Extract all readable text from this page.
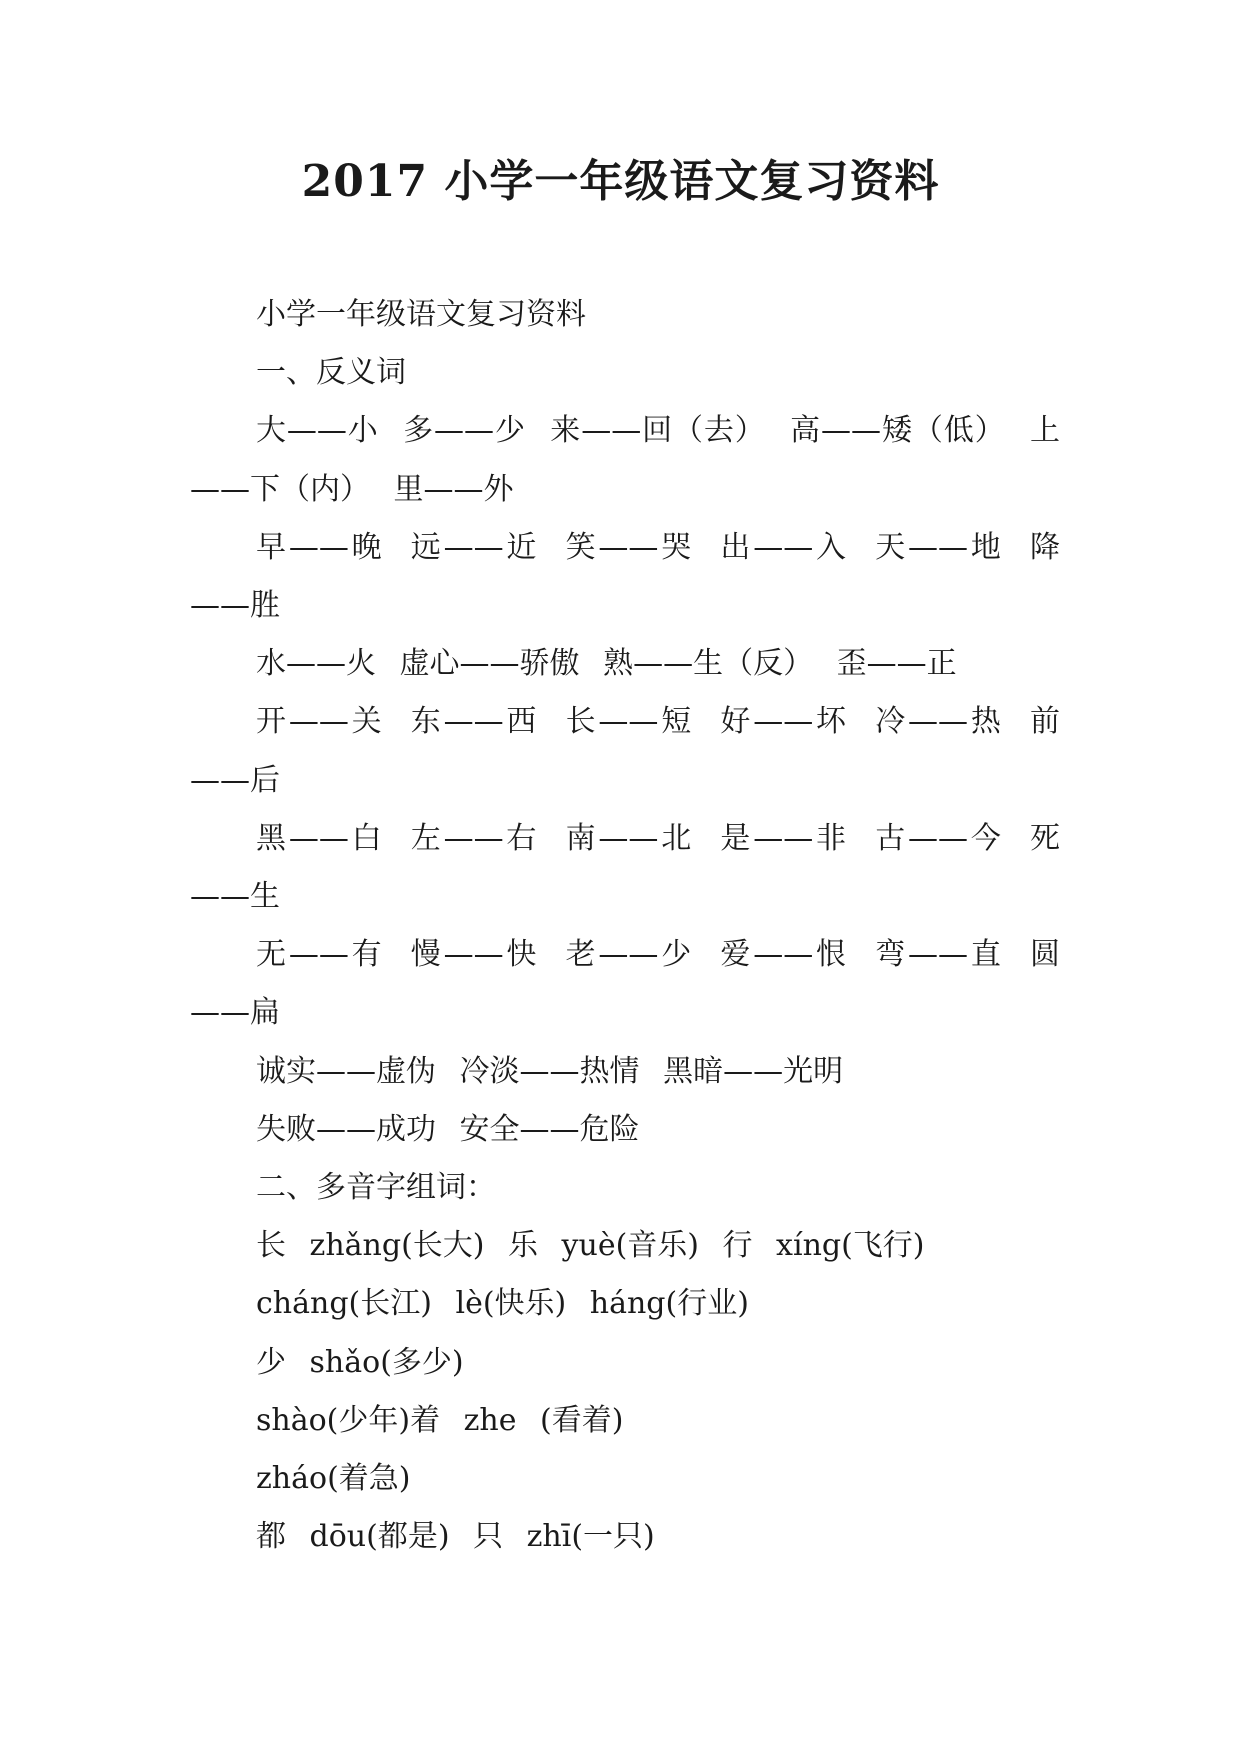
2017 小学一年级语文复习资料

小学一年级语文复习资料

一、反义词

大——小 多——少 来——回（去） 高——矮（低） 上——下（内） 里——外

早——晚 远——近 笑——哭 出——入 天——地 降——胜

水——火 虚心——骄傲 熟——生（反） 歪——正

开——关 东——西 长——短 好——坏 冷——热 前——后

黑——白 左——右 南——北 是——非 古——今 死——生

无——有 慢——快 老——少 爱——恨 弯——直 圆——扁

诚实——虚伪 冷淡——热情 黑暗——光明

失败——成功 安全——危险

二、多音字组词：

长 zhǎng(长大) 乐 yuè(音乐) 行 xíng(飞行)

cháng(长江) lè(快乐) háng(行业)

少 shǎo(多少)

shào(少年)着 zhe (看着)

zháo(着急)

都 dōu(都是) 只 zhī(一只)
